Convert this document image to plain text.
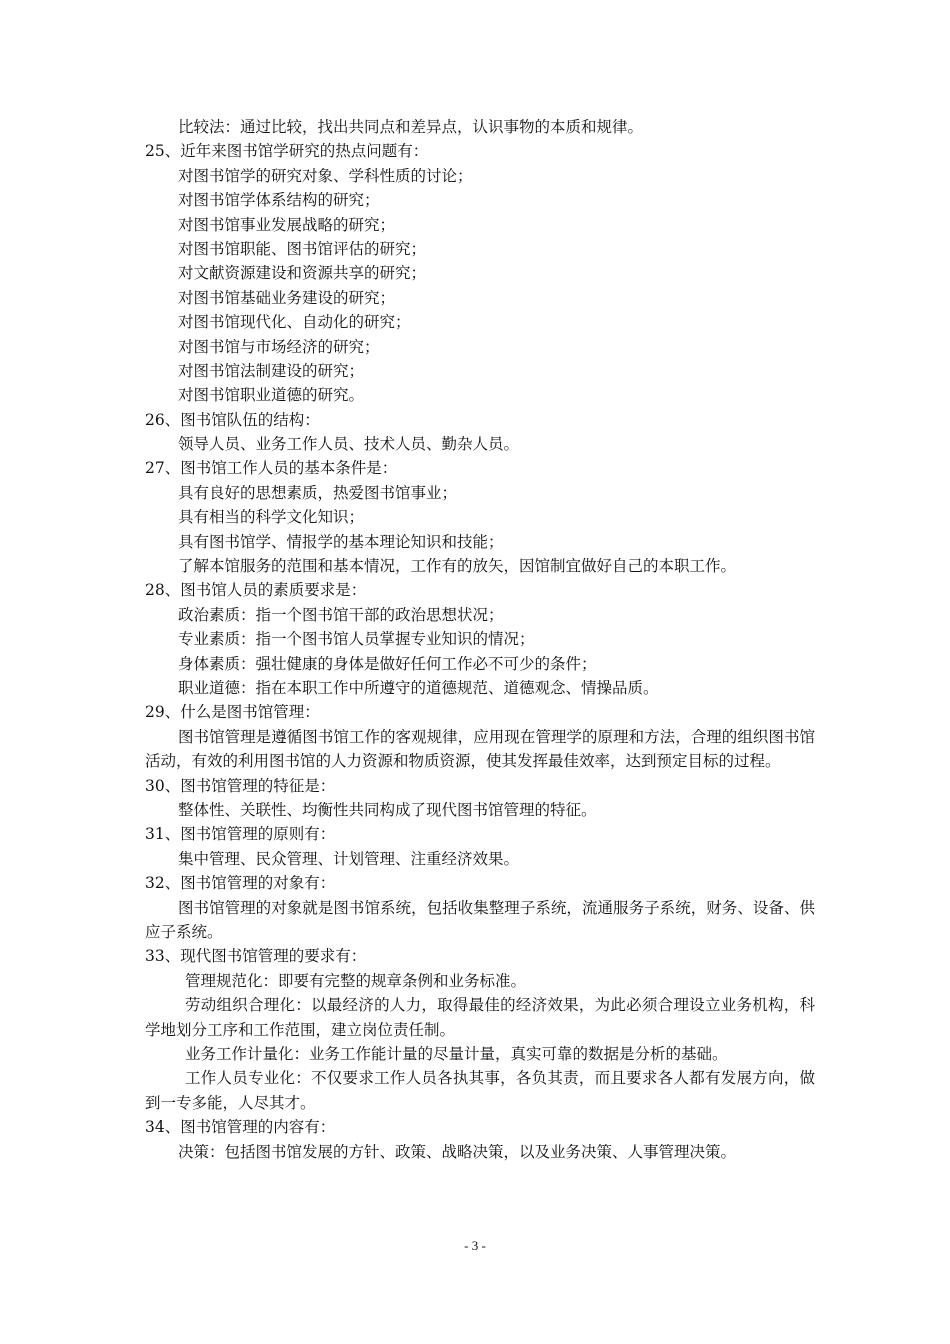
比较法：通过比较，找出共同点和差异点，认识事物的本质和规律。
25、近年来图书馆学研究的热点问题有：
对图书馆学的研究对象、学科性质的讨论；
对图书馆学体系结构的研究；
对图书馆事业发展战略的研究；
对图书馆职能、图书馆评估的研究；
对文献资源建设和资源共享的研究；
对图书馆基础业务建设的研究；
对图书馆现代化、自动化的研究；
对图书馆与市场经济的研究；
对图书馆法制建设的研究；
对图书馆职业道德的研究。
26、图书馆队伍的结构：
领导人员、业务工作人员、技术人员、勤杂人员。
27、图书馆工作人员的基本条件是：
具有良好的思想素质，热爱图书馆事业；
具有相当的科学文化知识；
具有图书馆学、情报学的基本理论知识和技能；
了解本馆服务的范围和基本情况，工作有的放矢，因馆制宜做好自己的本职工作。
28、图书馆人员的素质要求是：
政治素质：指一个图书馆干部的政治思想状况；
专业素质：指一个图书馆人员掌握专业知识的情况；
身体素质：强壮健康的身体是做好任何工作必不可少的条件；
职业道德：指在本职工作中所遵守的道德规范、道德观念、情操品质。
29、什么是图书馆管理：
图书馆管理是遵循图书馆工作的客观规律，应用现在管理学的原理和方法，合理的组织图书馆活动，有效的利用图书馆的人力资源和物质资源，使其发挥最佳效率，达到预定目标的过程。
30、图书馆管理的特征是：
整体性、关联性、均衡性共同构成了现代图书馆管理的特征。
31、图书馆管理的原则有：
集中管理、民众管理、计划管理、注重经济效果。
32、图书馆管理的对象有：
图书馆管理的对象就是图书馆系统，包括收集整理子系统，流通服务子系统，财务、设备、供应子系统。
33、现代图书馆管理的要求有：
管理规范化：即要有完整的规章条例和业务标准。
劳动组织合理化：以最经济的人力，取得最佳的经济效果，为此必须合理设立业务机构，科学地划分工序和工作范围，建立岗位责任制。
业务工作计量化：业务工作能计量的尽量计量，真实可靠的数据是分析的基础。
工作人员专业化：不仅要求工作人员各执其事，各负其责，而且要求各人都有发展方向，做到一专多能，人尽其才。
34、图书馆管理的内容有：
决策：包括图书馆发展的方针、政策、战略决策，以及业务决策、人事管理决策。
- 3 -
